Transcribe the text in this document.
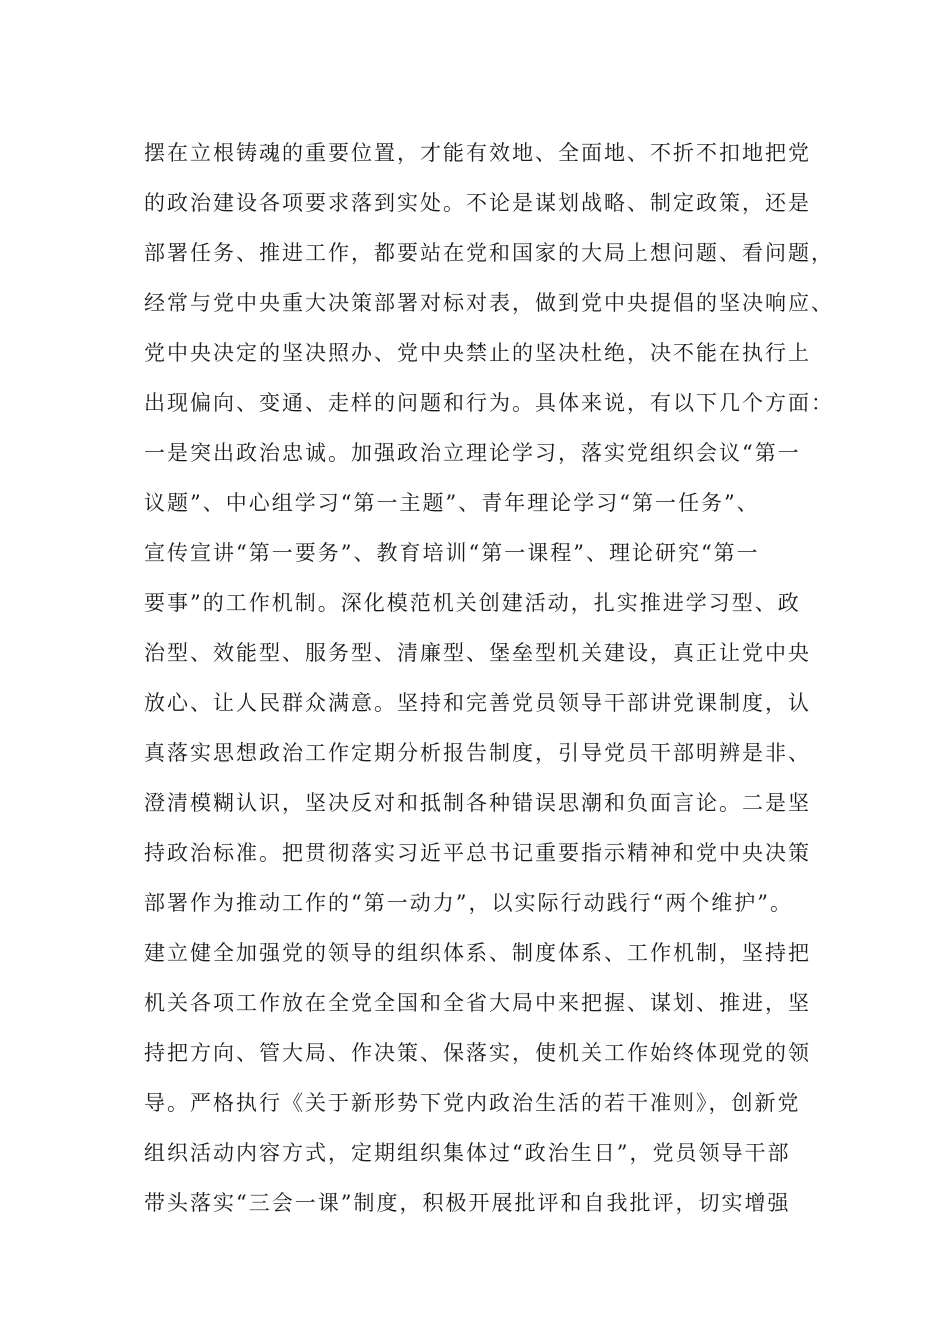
摆在立根铸魂的重要位置，才能有效地、全面地、不折不扣地把党
的政治建设各项要求落到实处。不论是谋划战略、制定政策，还是
部署任务、推进工作，都要站在党和国家的大局上想问题、看问题，
经常与党中央重大决策部署对标对表，做到党中央提倡的坚决响应、
党中央决定的坚决照办、党中央禁止的坚决杜绝，决不能在执行上
出现偏向、变通、走样的问题和行为。具体来说，有以下几个方面：
一是突出政治忠诚。加强政治立理论学习，落实党组织会议“第一
议题”、中心组学习“第一主题”、青年理论学习“第一任务”、
宣传宣讲“第一要务”、教育培训“第一课程”、理论研究“第一
要事”的工作机制。深化模范机关创建活动，扎实推进学习型、政
治型、效能型、服务型、清廉型、堡垒型机关建设，真正让党中央
放心、让人民群众满意。坚持和完善党员领导干部讲党课制度，认
真落实思想政治工作定期分析报告制度，引导党员干部明辨是非、
澄清模糊认识，坚决反对和抵制各种错误思潮和负面言论。二是坚
持政治标准。把贯彻落实习近平总书记重要指示精神和党中央决策
部署作为推动工作的“第一动力”，以实际行动践行“两个维护”。
建立健全加强党的领导的组织体系、制度体系、工作机制，坚持把
机关各项工作放在全党全国和全省大局中来把握、谋划、推进，坚
持把方向、管大局、作决策、保落实，使机关工作始终体现党的领
导。严格执行《关于新形势下党内政治生活的若干准则》，创新党
组织活动内容方式，定期组织集体过“政治生日”，党员领导干部
带头落实“三会一课”制度，积极开展批评和自我批评，切实增强
